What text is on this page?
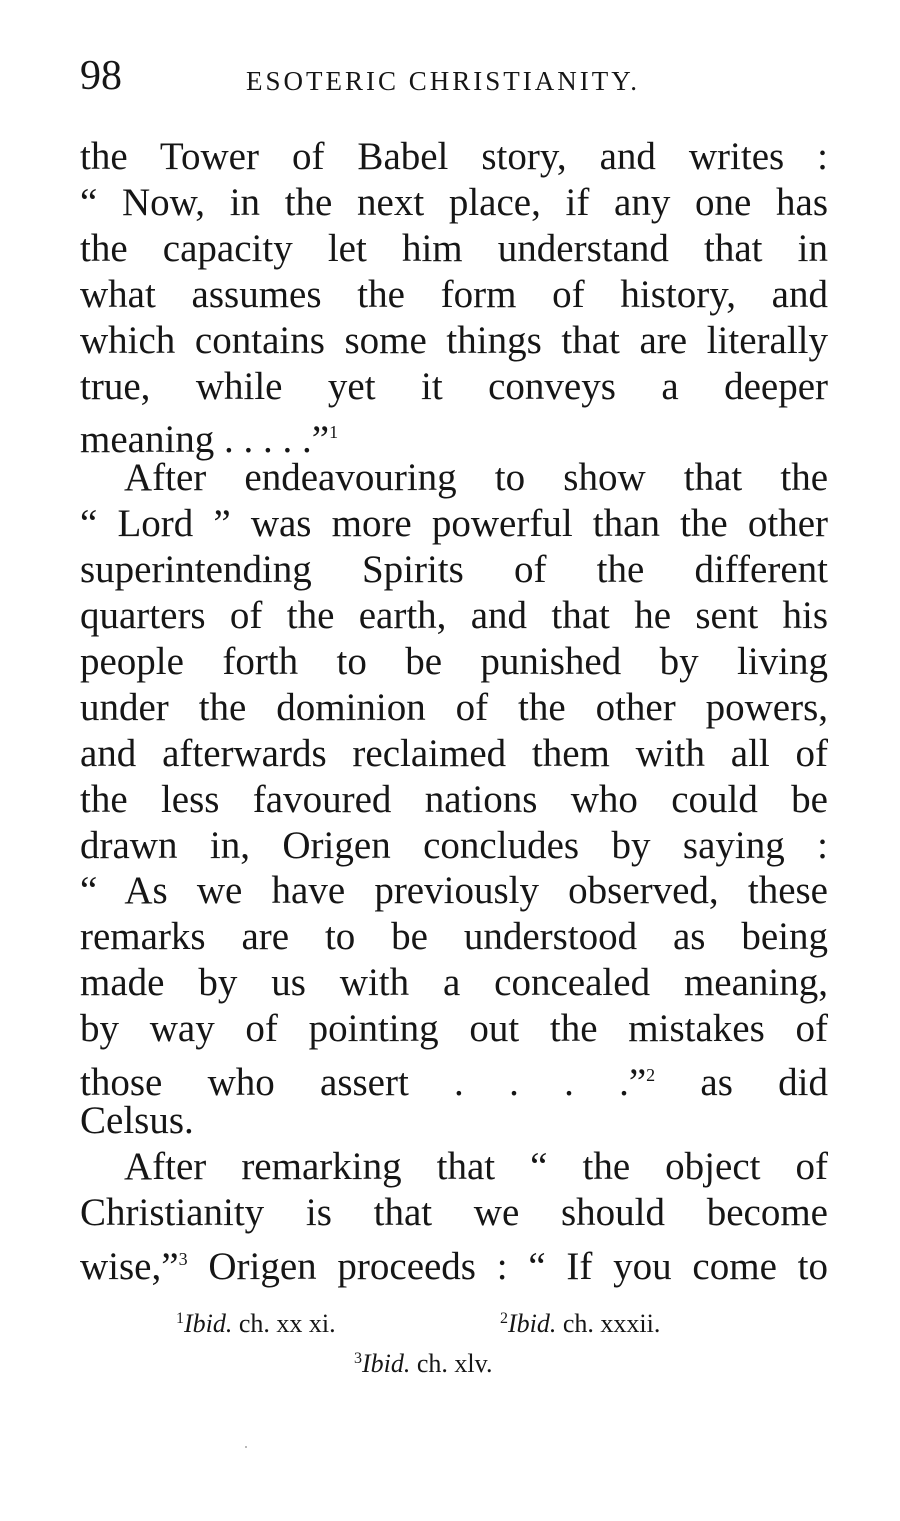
98	ESOTERIC CHRISTIANITY.
the Tower of Babel story, and writes :
“ Now, in the next place, if any one has
the capacity let him understand that in
what assumes the form of history, and
which contains some things that are literally
true, while yet it conveys a deeper
meaning . . . . .”$^1$
After endeavouring to show that the
“ Lord ” was more powerful than the other
superintending Spirits of the different
quarters of the earth, and that he sent his
people forth to be punished by living
under the dominion of the other powers,
and afterwards reclaimed them with all of
the less favoured nations who could be
drawn in, Origen concludes by saying :
“ As we have previously observed, these
remarks are to be understood as being
made by us with a concealed meaning,
by way of pointing out the mistakes of
those who assert . . . .”$^2$ as did
Celsus.
After remarking that “ the object of
Christianity is that we should become
wise,”$^3$ Origen proceeds : “ If you come to
$^1$Ibid. ch. xx xi.	$^2$Ibid. ch. xxxii.
$^3$Ibid. ch. xlv.
